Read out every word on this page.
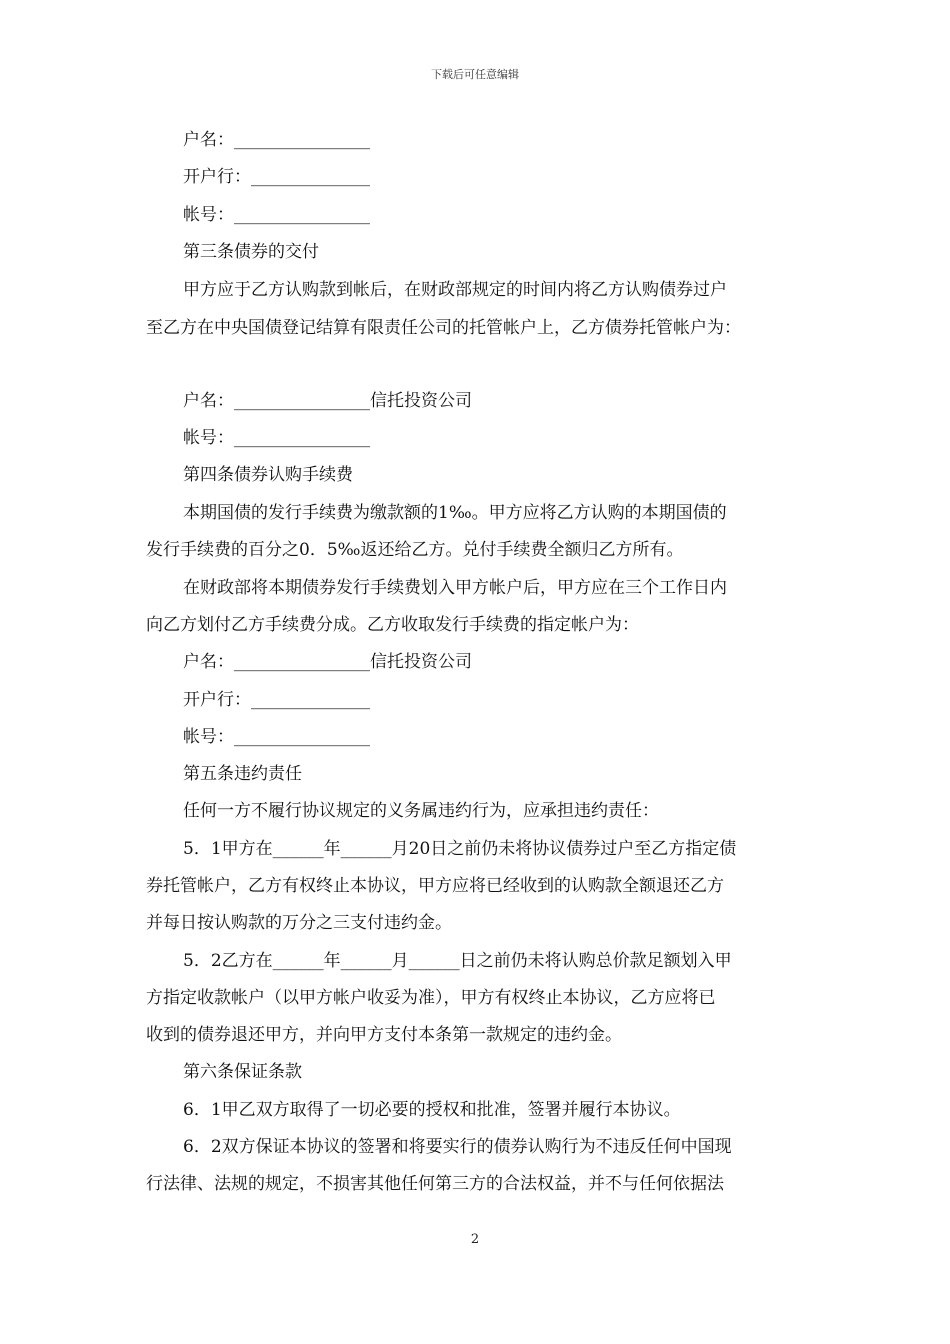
下载后可任意编辑
户名：________________
开户行：______________
帐号：________________
第三条债券的交付
甲方应于乙方认购款到帐后，在财政部规定的时间内将乙方认购债券过户
至乙方在中央国债登记结算有限责任公司的托管帐户上，乙方债券托管帐户为：
户名：________________信托投资公司
帐号：________________
第四条债券认购手续费
本期国债的发行手续费为缴款额的1‰。甲方应将乙方认购的本期国债的
发行手续费的百分之0．5‰返还给乙方。兑付手续费全额归乙方所有。
在财政部将本期债券发行手续费划入甲方帐户后，甲方应在三个工作日内
向乙方划付乙方手续费分成。乙方收取发行手续费的指定帐户为：
户名：________________信托投资公司
开户行：______________
帐号：________________
第五条违约责任
任何一方不履行协议规定的义务属违约行为，应承担违约责任：
5．1甲方在______年______月20日之前仍未将协议债券过户至乙方指定债
券托管帐户，乙方有权终止本协议，甲方应将已经收到的认购款全额退还乙方
并每日按认购款的万分之三支付违约金。
5．2乙方在______年______月______日之前仍未将认购总价款足额划入甲
方指定收款帐户（以甲方帐户收妥为准），甲方有权终止本协议，乙方应将已
收到的债券退还甲方，并向甲方支付本条第一款规定的违约金。
第六条保证条款
6．1甲乙双方取得了一切必要的授权和批准，签署并履行本协议。
6．2双方保证本协议的签署和将要实行的债券认购行为不违反任何中国现
行法律、法规的规定，不损害其他任何第三方的合法权益，并不与任何依据法
2
